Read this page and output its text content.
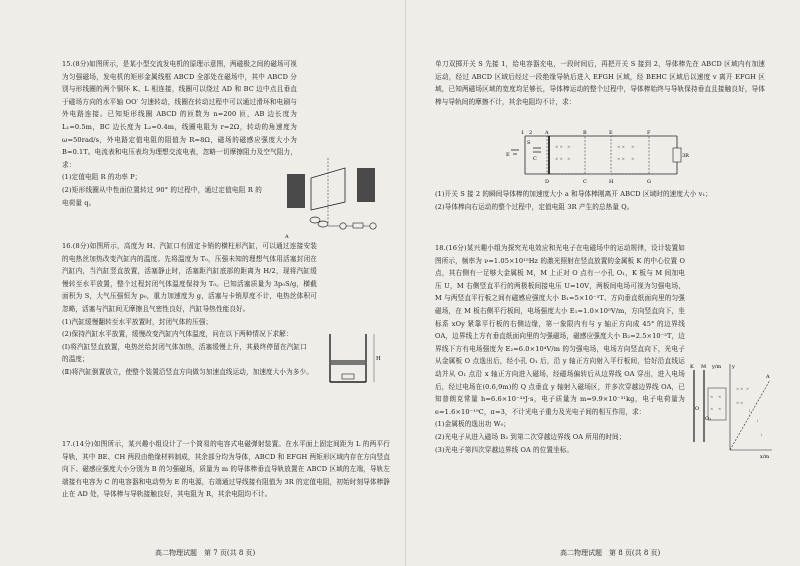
15.(8分)如图所示，是某小型交流发电机的原理示意图，两磁极之间的磁场可视为匀强磁场，发电机的矩形金属线框 ABCD 全部处在磁场中，其中 ABCD 分别与形线圈的两个铜环 K、L 相连接，线圈可以绕过 AD 和 BC 边中点且垂直于磁场方向的水平轴 OO′ 匀速转动，线圈在转动过程中可以通过滑环和电刷与外电路连接。已知矩形线圈 ABCD 的匝数为 n=200 匝，AB 边长度为 L₁=0.5m，BC 边长度为 L₂=0.4m，线圈电阻为 r=2Ω，转动的角速度为 ω=50rad/s，外电路定值电阻的阻值为 R=8Ω，磁场的磁感应强度大小为 B=0.1T。电流表和电压表均为理想交流电表，忽略一切摩擦阻力及空气阻力，求：

(1)定值电阻 R 的功率 P；

(2)矩形线圈从中性面位置转过 90° 的过程中，通过定值电阻 R 的电荷量 q。

A

16.(8分)如图所示，高度为 H、汽缸口有固定卡销的横柱形汽缸，可以通过连接安装的电热丝加热改变汽缸内的温度。先将温度为 T₀，压强未知的理想气体用活塞封闭在汽缸内，当汽缸竖直放置，活塞静止时，活塞距汽缸底部的距离为 H/2，现将汽缸缓慢转至水平放置，整个过程封闭气体温度保持为 T₀。已知活塞质量为 3p₀S/g，横截面积为 S，大气压强恒为 p₀，重力加速度为 g，活塞与卡销厚度不计，电热丝体积可忽略，活塞与汽缸间无摩擦且气密性良好，汽缸导热性能良好。

(1)汽缸缓慢翻转至水平放置时，封闭气体的压强；

(2)保持汽缸水平放置，缓慢改变汽缸内气体温度，问在以下两种情况下求解：

(Ⅰ)将汽缸竖直放置，电热丝给封闭气体加热，活塞缓慢上升，其最终停留在汽缸口的温度；

(Ⅱ)将汽缸倒置放立，使整个装置沿竖直方向做匀加速直线运动，加速度大小为多少。

H

17.(14分)如图所示，某兴趣小组设计了一个简易的电容式电磁弹射装置。在水平面上固定间距为 L 的两平行导轨，其中 BE、CH 两段由绝缘材料制成，其余部分均为导体，ABCD 和 EFGH 两矩形区域内存在方向竖直向下、磁感应强度大小分别为 B 的匀强磁场，质量为 m 的导体棒垂直导轨放置在 ABCD 区域的左端，导轨左端接有电容为 C 的电容器和电动势为 E 的电源，右端通过导线接有阻值为 3R 的定值电阻，初始时刻导体棒静止在 AD 处，导体棒与导轨接触良好，其电阻为 R，其余电阻均不计。

高二物理试题　第 7 页(共 8 页)

单刀双掷开关 S 先接 1，给电容器充电，一段时间后，再把开关 S 接到 2，导体棒先在 ABCD 区域内有加速运动，经过 ABCD 区域后经过一段绝缘导轨后进入 EFGH 区域，经 BEHC 区域后以速度 v 离开 EFGH 区域，已知两磁场区域的宽度均足够长，导体棒运动的整个过程中，导体棒始终与导轨保持垂直且接触良好，导体棒与导轨间的摩擦不计，其余电阻均不计，求：

× × ×
× × ×
× × ×
× × ×
1 2	A	B	E	F
C
D	H	G
S
E
C	3R

(1)开关 S 接 2 的瞬间导体棒的加速度大小 a 和导体棒刚离开 ABCD 区域时的速度大小 v₁；

(2)导体棒向右运动的整个过程中，定值电阻 3R 产生的总热量 Q。

18.(16分)某兴趣小组为探究光电效应和光电子在电磁场中的运动规律，设计装置如图所示，频率为 ν=1.05×10¹⁵Hz 的激光照射在竖直放置的金属板 K 的中心位置 O 点，其右侧有一足够大金属板 M，M 上正对 O 点有一小孔 O₁，K 板与 M 间加电压 U，M 右侧竖直平行的两极板间接电压 U=10V，两板间电场可视为匀强电场，M 与两竖直平行板之间有磁感应强度大小 B₁=5×10⁻³T、方向垂直纸面向里的匀强磁场，在 M 板右侧平行板间，电场强度大小 E₁=1.0×10⁵V/m，方向竖直向下，坐标系 xOy 紧靠平行板的右侧边缘，第一象限内有与 y 轴正方向成 45° 的边界线 OA，边界线上方有垂直纸面向里的匀强磁场，磁感应强度大小 B₂=2.5×10⁻³T，边界线下方有电场强度为 E₂=6.0×10⁴V/m 的匀强电场，电场方向竖直向下，光电子从金属板 O 点逸出后，经小孔 O₁ 后，沿 y 轴正方向射入平行板间，恰好沿直线运动并从 O₁ 点沿 x 轴正方向进入磁场，经磁场偏转后从边界线 OA 穿出，进入电场后，经过电场在(0.6,9m)的 Q 点垂直 y 轴射入磁场区，并多次穿越边界线 OA，已知普朗克常量 h=6.6×10⁻³⁴J·s，电子质量为 m=9.9×10⁻³¹kg，电子电荷量为 e=1.6×10⁻¹⁹C，π=3，不计光电子重力及光电子间的相互作用，求：

(1)金属板的逸出功 W₀；

(2)光电子从进入磁场 B₂ 到第二次穿越边界线 OA 所用的时间；

(3)光电子第四次穿越边界线 OA 的位置坐标。

× ×
× ×
× × ×
× ×
↓
↓
↓
K M
O
O₁
y
A
x/m
y/m
高二物理试题　第 8 页(共 8 页)
